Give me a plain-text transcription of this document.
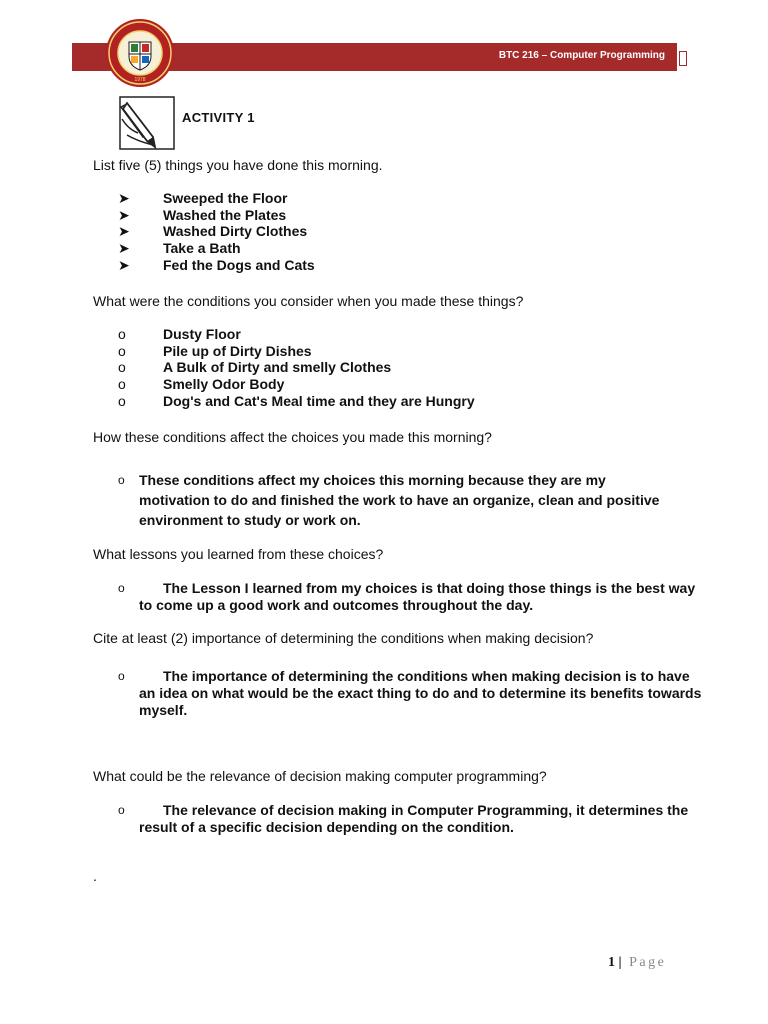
BTC 216 – Computer Programming
1978
ACTIVITY 1
List five (5) things you have done this morning.
➤	Sweeped the Floor
➤	Washed the Plates
➤	Washed Dirty Clothes
➤	Take a Bath
➤	Fed the Dogs and Cats
What were the conditions you consider when you made these things?
o	Dusty Floor
o	Pile up of Dirty Dishes
o	A Bulk of Dirty and smelly Clothes
o	Smelly Odor Body
o	Dog's and Cat's Meal time and they are Hungry
How these conditions affect the choices you made this morning?
o These conditions affect my choices this morning because they are my motivation to do and finished the work to have an organize, clean and positive environment to study or work on.
What lessons you learned from these choices?
o	The Lesson I learned from my choices is that doing those things is the best way to come up a good work and outcomes throughout the day.
Cite at least (2) importance of determining the conditions when making decision?
o	The importance of determining the conditions when making decision is to have an idea on what would be the exact thing to do and to determine its benefits towards myself.
What could be the relevance of decision making computer programming?
o	The relevance of decision making in Computer Programming, it determines the result of a specific decision depending on the condition.
.
1 | Page
